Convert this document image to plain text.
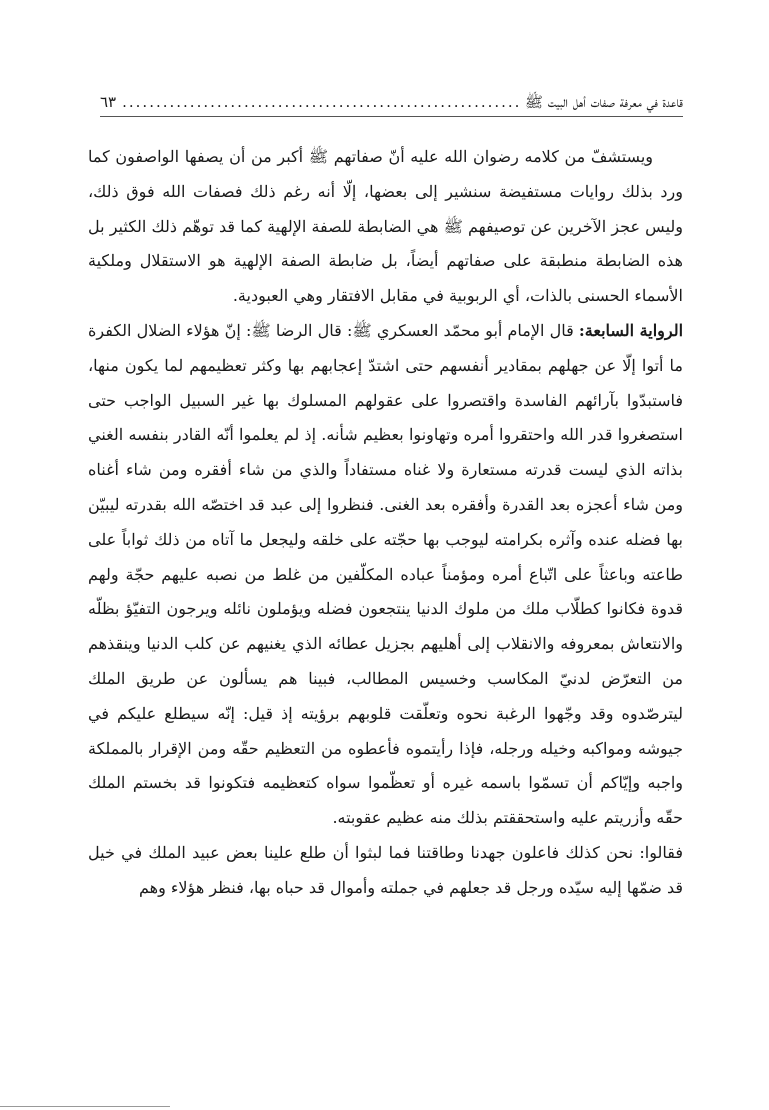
قاعدة في معرفة صفات أهل البيت ﷺ
.....
٦٣

ويستشفّ من كلامه رضوان الله عليه أنّ صفاتهم ﷺ أكبر من أن يصفها الواصفون كما ورد بذلك روايات مستفيضة سنشير إلى بعضها، إلّا أنه رغم ذلك فصفات الله فوق ذلك، وليس عجز الآخرين عن توصيفهم ﷺ هي الضابطة للصفة الإلهية كما قد توهّم ذلك الكثير بل هذه الضابطة منطبقة على صفاتهم أيضاً، بل ضابطة الصفة الإلهية هو الاستقلال وملكية الأسماء الحسنى بالذات، أي الربوبية في مقابل الافتقار وهي العبودية.

الرواية السابعة: قال الإمام أبو محمّد العسكري ﷺ: قال الرضا ﷺ: إنّ هؤلاء الضلال الكفرة ما أتوا إلّا عن جهلهم بمقادير أنفسهم حتى اشتدّ إعجابهم بها وكثر تعظيمهم لما يكون منها، فاستبدّوا بآرائهم الفاسدة واقتصروا على عقولهم المسلوك بها غير السبيل الواجب حتى استصغروا قدر الله واحتقروا أمره وتهاونوا بعظيم شأنه. إذ لم يعلموا أنّه القادر بنفسه الغني بذاته الذي ليست قدرته مستعارة ولا غناه مستفاداً والذي من شاء أفقره ومن شاء أغناه ومن شاء أعجزه بعد القدرة وأفقره بعد الغنى. فنظروا إلى عبد قد اختصّه الله بقدرته ليبيّن بها فضله عنده وآثره بكرامته ليوجب بها حجّته على خلقه وليجعل ما آتاه من ذلك ثواباً على طاعته وباعثاً على اتّباع أمره ومؤمناً عباده المكلّفين من غلط من نصبه عليهم حجّة ولهم قدوة فكانوا كطلّاب ملك من ملوك الدنيا ينتجعون فضله ويؤملون نائله ويرجون التفيّؤ بظلّه والانتعاش بمعروفه والانقلاب إلى أهليهم بجزيل عطائه الذي يغنيهم عن كلب الدنيا وينقذهم من التعرّض لدنيّ المكاسب وخسيس المطالب، فبينا هم يسألون عن طريق الملك ليترصّدوه وقد وجّهوا الرغبة نحوه وتعلّقت قلوبهم برؤيته إذ قيل: إنّه سيطلع عليكم في جيوشه ومواكبه وخيله ورجله، فإذا رأيتموه فأعطوه من التعظيم حقّه ومن الإقرار بالمملكة واجبه وإيّاكم أن تسمّوا باسمه غيره أو تعظّموا سواه كتعظيمه فتكونوا قد بخستم الملك حقّه وأزريتم عليه واستحققتم بذلك منه عظيم عقوبته.

فقالوا: نحن كذلك فاعلون جهدنا وطاقتنا فما لبثوا أن طلع علينا بعض عبيد الملك في خيل قد ضمّها إليه سيّده ورجل قد جعلهم في جملته وأموال قد حباه بها، فنظر هؤلاء وهم
